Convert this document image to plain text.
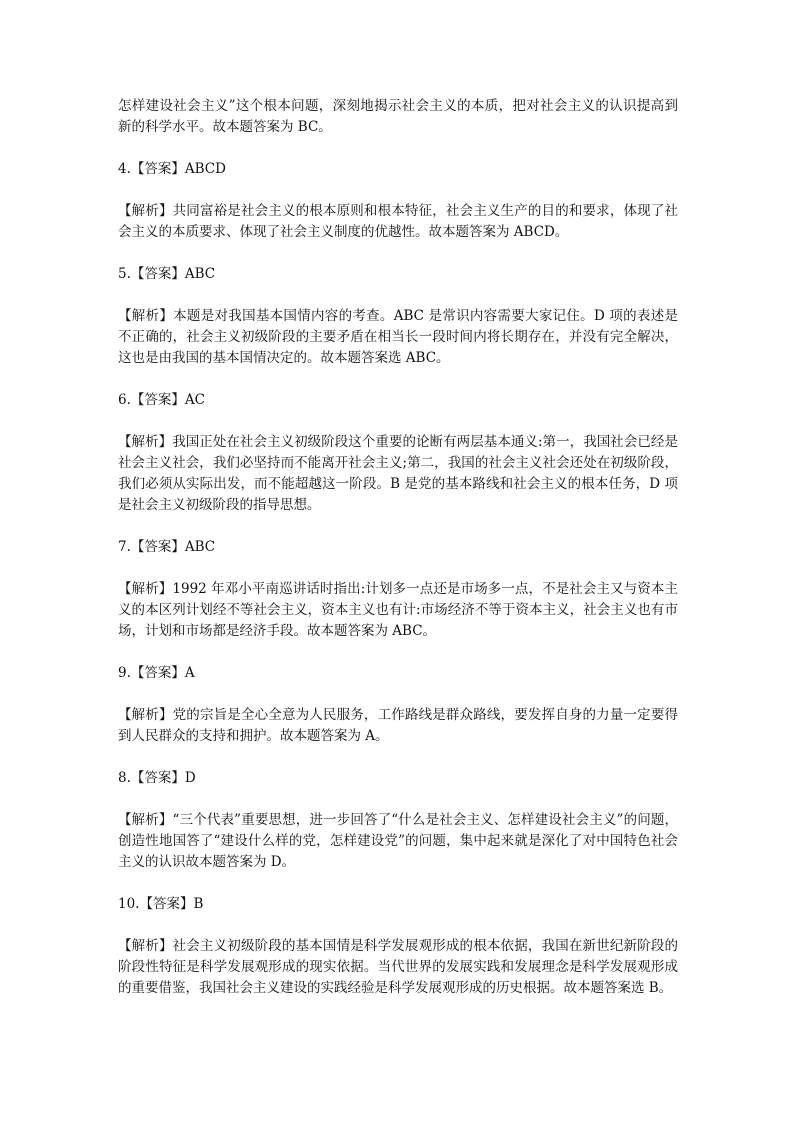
怎样建设社会主义”这个根本问题，深刻地揭示社会主义的本质，把对社会主义的认识提高到新的科学水平。故本题答案为 BC。

4.【答案】ABCD

【解析】共同富裕是社会主义的根本原则和根本特征，社会主义生产的目的和要求，体现了社会主义的本质要求、体现了社会主义制度的优越性。故本题答案为 ABCD。

5.【答案】ABC

【解析】本题是对我国基本国情内容的考查。ABC 是常识内容需要大家记住。D 项的表述是不正确的，社会主义初级阶段的主要矛盾在相当长一段时间内将长期存在，并没有完全解决，这也是由我国的基本国情决定的。故本题答案选 ABC。

6.【答案】AC

【解析】我国正处在社会主义初级阶段这个重要的论断有两层基本通义:第一，我国社会已经是社会主义社会，我们必坚持而不能离开社会主义;第二，我国的社会主义社会还处在初级阶段，我们必须从实际出发，而不能超越这一阶段。B 是党的基本路线和社会主义的根本任务，D 项是社会主义初级阶段的指导思想。

7.【答案】ABC

【解析】1992 年邓小平南巡讲话时指出:计划多一点还是市场多一点，不是社会主又与资本主义的本区列计划经不等社会主义，资本主义也有计:市场经济不等于资本主义，社会主义也有市场，计划和市场都是经济手段。故本题答案为 ABC。

9.【答案】A

【解析】党的宗旨是全心全意为人民服务，工作路线是群众路线，要发挥自身的力量一定要得到人民群众的支持和拥护。故本题答案为 A。

8.【答案】D

【解析】“三个代表”重要思想，进一步回答了“什么是社会主义、怎样建设社会主义”的问题，创造性地国答了“建设什么样的党，怎样建设党”的问题，集中起来就是深化了对中国特色社会主义的认识故本题答案为 D。

10.【答案】B

【解析】社会主义初级阶段的基本国情是科学发展观形成的根本依据，我国在新世纪新阶段的阶段性特征是科学发展观形成的现实依据。当代世界的发展实践和发展理念是科学发展观形成的重要借鉴，我国社会主义建设的实践经验是科学发展观形成的历史根据。故本题答案选 B。
